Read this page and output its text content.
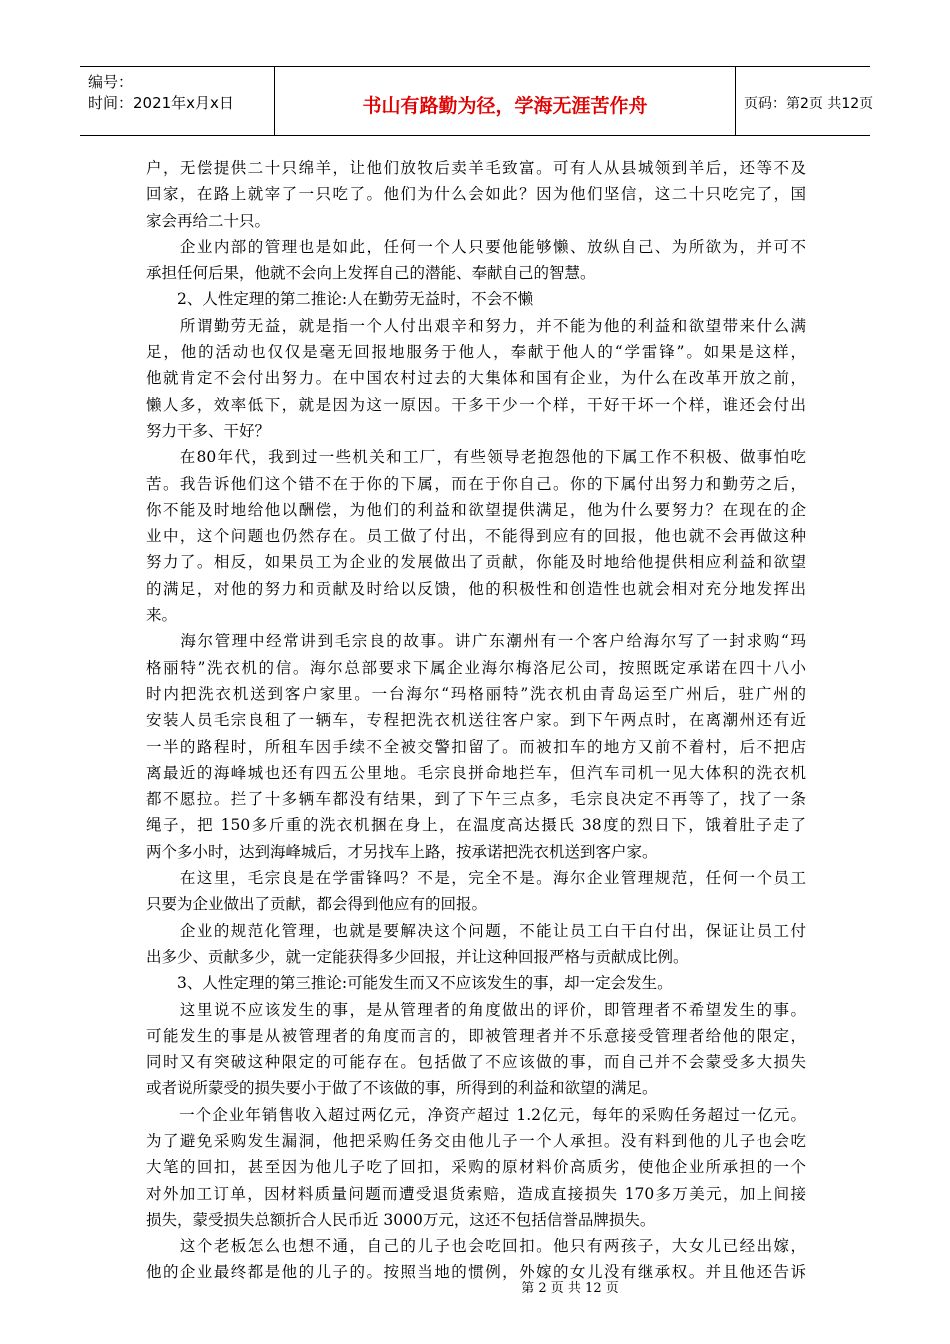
编号：
时间：2021年x月x日	书山有路勤为径，学海无涯苦作舟	页码：第2页 共12页
户，无偿提供二十只绵羊，让他们放牧后卖羊毛致富。可有人从县城领到羊后，还等不及
回家，在路上就宰了一只吃了。他们为什么会如此？因为他们坚信，这二十只吃完了，国
家会再给二十只。
　　企业内部的管理也是如此，任何一个人只要他能够懒、放纵自己、为所欲为，并可不
承担任何后果，他就不会向上发挥自己的潜能、奉献自己的智慧。
　　2、人性定理的第二推论:人在勤劳无益时，不会不懒
　　所谓勤劳无益，就是指一个人付出艰辛和努力，并不能为他的利益和欲望带来什么满
足，他的活动也仅仅是毫无回报地服务于他人，奉献于他人的“学雷锋”。如果是这样，
他就肯定不会付出努力。在中国农村过去的大集体和国有企业，为什么在改革开放之前，
懒人多，效率低下，就是因为这一原因。干多干少一个样，干好干坏一个样，谁还会付出
努力干多、干好？
　　在80年代，我到过一些机关和工厂，有些领导老抱怨他的下属工作不积极、做事怕吃
苦。我告诉他们这个错不在于你的下属，而在于你自己。你的下属付出努力和勤劳之后，
你不能及时地给他以酬偿，为他们的利益和欲望提供满足，他为什么要努力？在现在的企
业中，这个问题也仍然存在。员工做了付出，不能得到应有的回报，他也就不会再做这种
努力了。相反，如果员工为企业的发展做出了贡献，你能及时地给他提供相应利益和欲望
的满足，对他的努力和贡献及时给以反馈，他的积极性和创造性也就会相对充分地发挥出
来。
　　海尔管理中经常讲到毛宗良的故事。讲广东潮州有一个客户给海尔写了一封求购“玛
格丽特”洗衣机的信。海尔总部要求下属企业海尔梅洛尼公司，按照既定承诺在四十八小
时内把洗衣机送到客户家里。一台海尔“玛格丽特”洗衣机由青岛运至广州后，驻广州的
安装人员毛宗良租了一辆车，专程把洗衣机送往客户家。到下午两点时，在离潮州还有近
一半的路程时，所租车因手续不全被交警扣留了。而被扣车的地方又前不着村，后不把店
离最近的海峰城也还有四五公里地。毛宗良拼命地拦车，但汽车司机一见大体积的洗衣机
都不愿拉。拦了十多辆车都没有结果，到了下午三点多，毛宗良决定不再等了，找了一条
绳子，把 150多斤重的洗衣机捆在身上，在温度高达摄氏 38度的烈日下，饿着肚子走了
两个多小时，达到海峰城后，才另找车上路，按承诺把洗衣机送到客户家。
　　在这里，毛宗良是在学雷锋吗？不是，完全不是。海尔企业管理规范，任何一个员工
只要为企业做出了贡献，都会得到他应有的回报。
　　企业的规范化管理，也就是要解决这个问题，不能让员工白干白付出，保证让员工付
出多少、贡献多少，就一定能获得多少回报，并让这种回报严格与贡献成比例。
　　3、人性定理的第三推论:可能发生而又不应该发生的事，却一定会发生。
　　这里说不应该发生的事，是从管理者的角度做出的评价，即管理者不希望发生的事。
可能发生的事是从被管理者的角度而言的，即被管理者并不乐意接受管理者给他的限定，
同时又有突破这种限定的可能存在。包括做了不应该做的事，而自己并不会蒙受多大损失
或者说所蒙受的损失要小于做了不该做的事，所得到的利益和欲望的满足。
　　一个企业年销售收入超过两亿元，净资产超过 1.2亿元，每年的采购任务超过一亿元。
为了避免采购发生漏洞，他把采购任务交由他儿子一个人承担。没有料到他的儿子也会吃
大笔的回扣，甚至因为他儿子吃了回扣，采购的原材料价高质劣，使他企业所承担的一个
对外加工订单，因材料质量问题而遭受退货索赔，造成直接损失 170多万美元，加上间接
损失，蒙受损失总额折合人民币近 3000万元，这还不包括信誉品牌损失。
　　这个老板怎么也想不通，自己的儿子也会吃回扣。他只有两孩子，大女儿已经出嫁，
他的企业最终都是他的儿子的。按照当地的惯例，外嫁的女儿没有继承权。并且他还告诉
第 2 页 共 12 页
